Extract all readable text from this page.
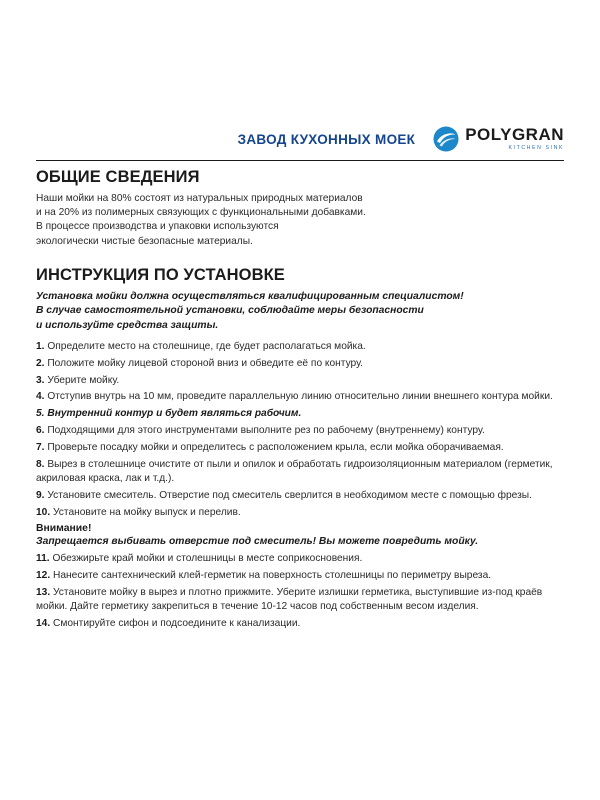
ЗАВОД КУХОННЫХ МОЕК	POLYGRAN
KITCHEN SINK
ОБЩИЕ СВЕДЕНИЯ

Наши мойки на 80% состоят из натуральных природных материалов

и на 20% из полимерных связующих с функциональными добавками.

В процессе производства и упаковки используются

экологически чистые безопасные материалы.

ИНСТРУКЦИЯ ПО УСТАНОВКЕ

Установка мойки должна осуществляться квалифицированным специалистом!

В случае самостоятельной установки, соблюдайте меры безопасности

и используйте средства защиты.

1. Определите место на столешнице, где будет располагаться мойка.
2. Положите мойку лицевой стороной вниз и обведите её по контуру.
3. Уберите мойку.
4. Отступив внутрь на 10 мм, проведите параллельную линию относительно линии внешнего контура мойки.
5. Внутренний контур и будет являться рабочим.
6. Подходящими для этого инструментами выполните рез по рабочему (внутреннему) контуру.
7. Проверьте посадку мойки и определитесь с расположением крыла, если мойка оборачиваемая.
8. Вырез в столешнице очистите от пыли и опилок и обработать гидроизоляционным материалом (герметик, акриловая краска, лак и т.д.).
9. Установите смеситель. Отверстие под смеситель сверлится в необходимом месте с помощью фрезы.
10. Установите на мойку выпуск и перелив.
Внимание!
Запрещается выбивать отверстие под смеситель! Вы можете повредить мойку.
11. Обезжирьте край мойки и столешницы в месте соприкосновения.
12. Нанесите сантехнический клей-герметик на поверхность столешницы по периметру выреза.
13. Установите мойку в вырез и плотно прижмите. Уберите излишки герметика, выступившие из-под краёв мойки. Дайте герметику закрепиться в течение 10-12 часов под собственным весом изделия.
14. Смонтируйте сифон и подсоедините к канализации.
